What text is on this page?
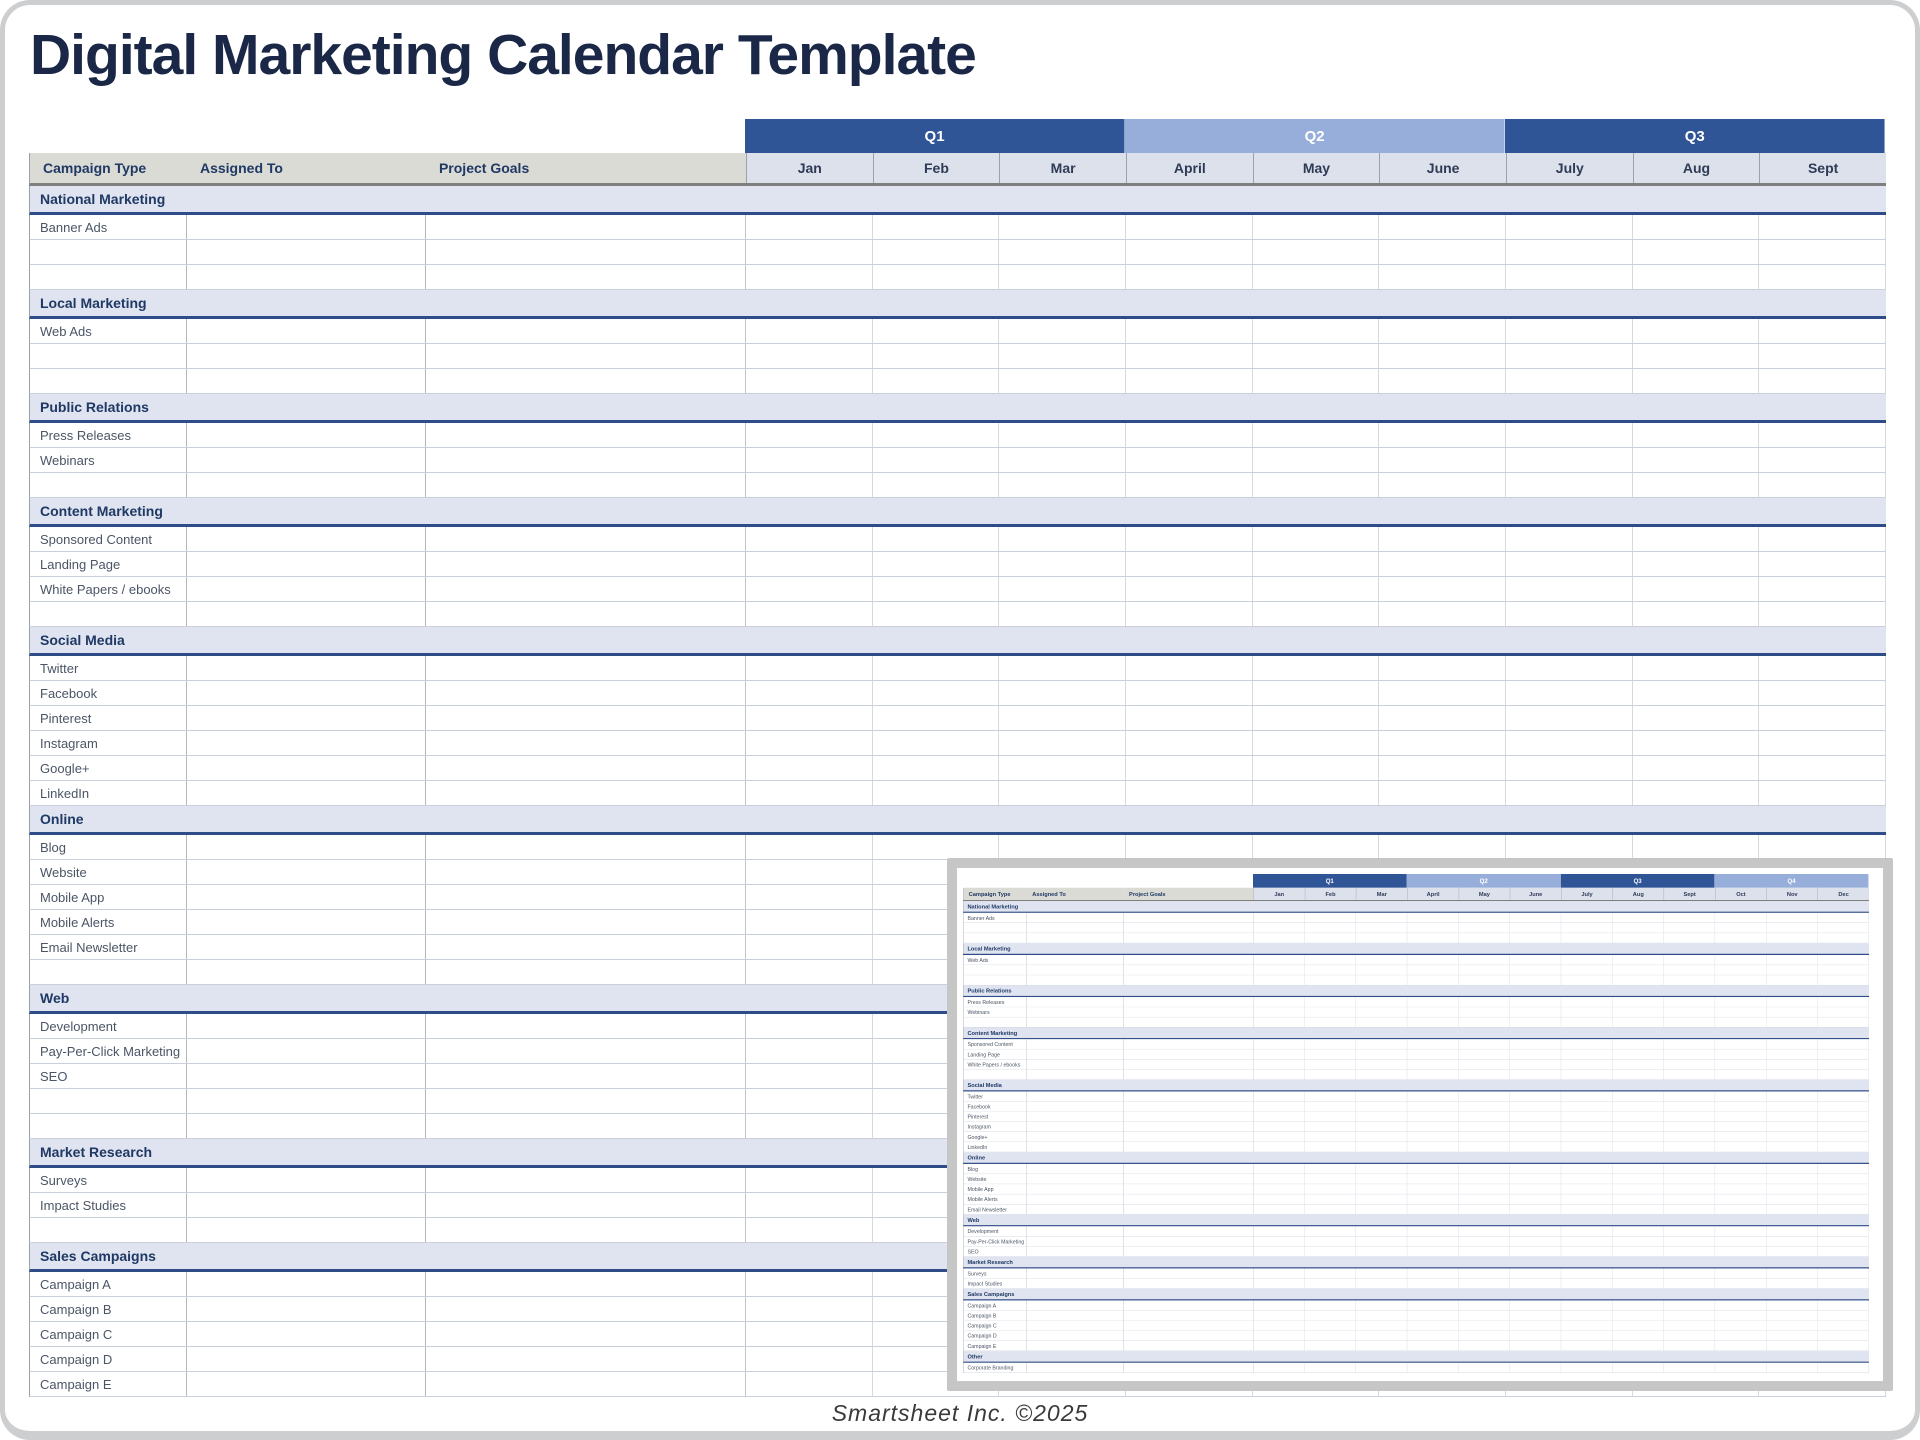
Digital Marketing Calendar Template
Q1	Q2	Q3
Campaign Type	Assigned To	Project Goals	Jan	Feb	Mar	April	May	June	July	Aug	Sept
National Marketing
Banner Ads
Local Marketing
Web Ads
Public Relations
Press Releases
Webinars
Content Marketing
Sponsored Content
Landing Page
White Papers / ebooks
Social Media
Twitter
Facebook
Pinterest
Instagram
Google+
LinkedIn
Online
Blog
Website
Mobile App
Mobile Alerts
Email Newsletter
Web
Development
Pay-Per-Click Marketing
SEO
Market Research
Surveys
Impact Studies
Sales Campaigns
Campaign A
Campaign B
Campaign C
Campaign D
Campaign E
Q1	Q2	Q3	Q4
Campaign Type	Assigned To	Project Goals	Jan	Feb	Mar	April	May	June	July	Aug	Sept	Oct	Nov	Dec
National Marketing
Banner Ads
Local Marketing
Web Ads
Public Relations
Press Releases
Webinars
Content Marketing
Sponsored Content
Landing Page
White Papers / ebooks
Social Media
Twitter
Facebook
Pinterest
Instagram
Google+
LinkedIn
Online
Blog
Website
Mobile App
Mobile Alerts
Email Newsletter
Web
Development
Pay-Per-Click Marketing
SEO
Market Research
Surveys
Impact Studies
Sales Campaigns
Campaign A
Campaign B
Campaign C
Campaign D
Campaign E
Other
Corporate Branding
Smartsheet Inc. ©2025
